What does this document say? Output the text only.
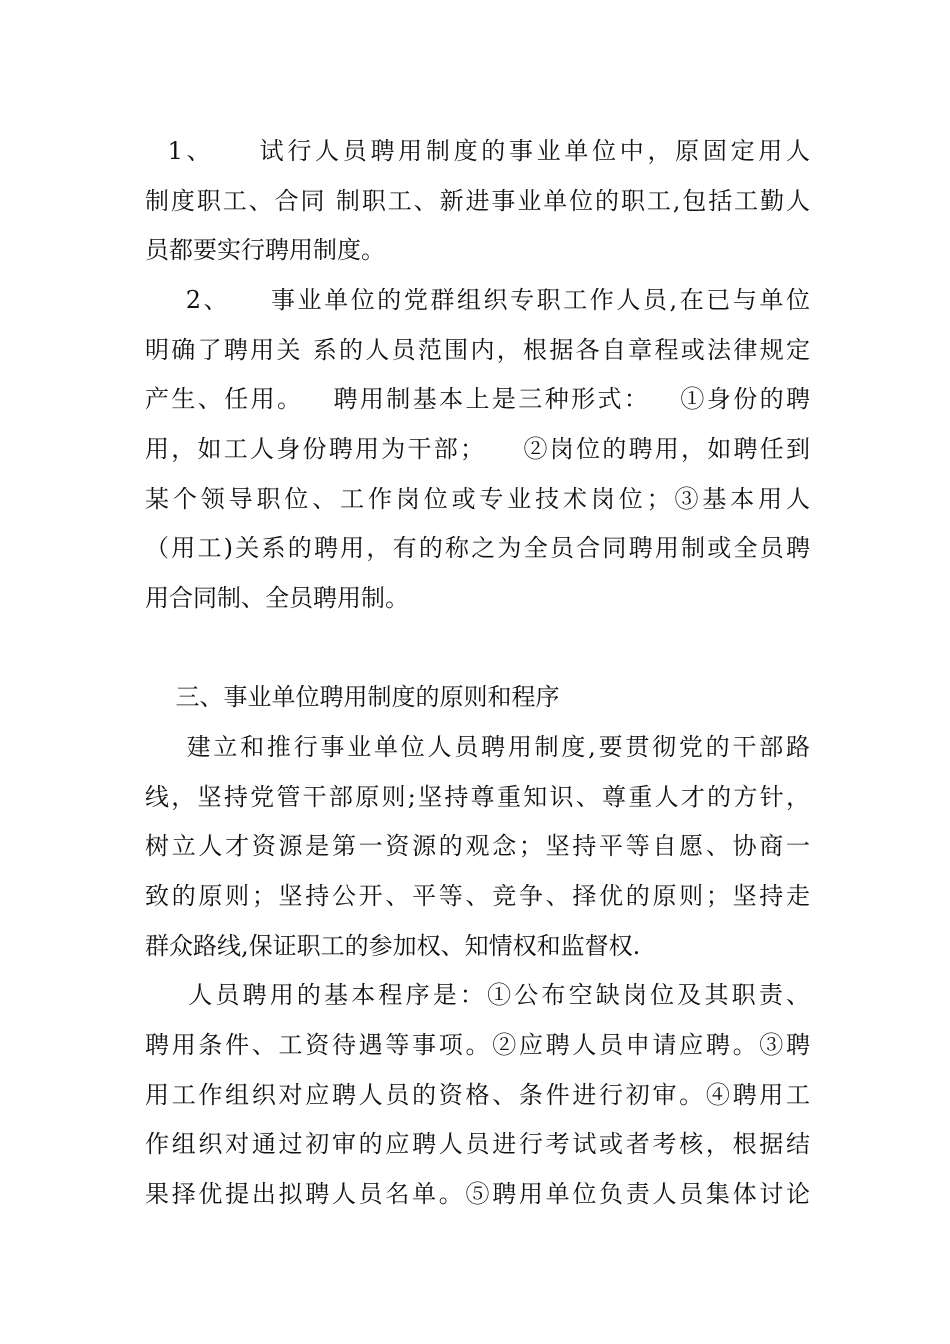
1、    试行人员聘用制度的事业单位中，原固定用人

制度职工、合同 制职工、新进事业单位的职工,包括工勤人

员都要实行聘用制度。

2、    事业单位的党群组织专职工作人员,在已与单位

明确了聘用关 系的人员范围内，根据各自章程或法律规定

产生、任用。   聘用制基本上是三种形式：   ①身份的聘

用，如工人身份聘用为干部；    ②岗位的聘用，如聘任到

某个领导职位、工作岗位或专业技术岗位；③基本用人

（用工)关系的聘用，有的称之为全员合同聘用制或全员聘

用合同制、全员聘用制。

三、事业单位聘用制度的原则和程序

建立和推行事业单位人员聘用制度,要贯彻党的干部路

线，坚持党管干部原则;坚持尊重知识、尊重人才的方针，

树立人才资源是第一资源的观念；坚持平等自愿、协商一

致的原则；坚持公开、平等、竞争、择优的原则；坚持走

群众路线,保证职工的参加权、知情权和监督权.

人员聘用的基本程序是：①公布空缺岗位及其职责、

聘用条件、工资待遇等事项。②应聘人员申请应聘。③聘

用工作组织对应聘人员的资格、条件进行初审。④聘用工

作组织对通过初审的应聘人员进行考试或者考核，根据结

果择优提出拟聘人员名单。⑤聘用单位负责人员集体讨论
